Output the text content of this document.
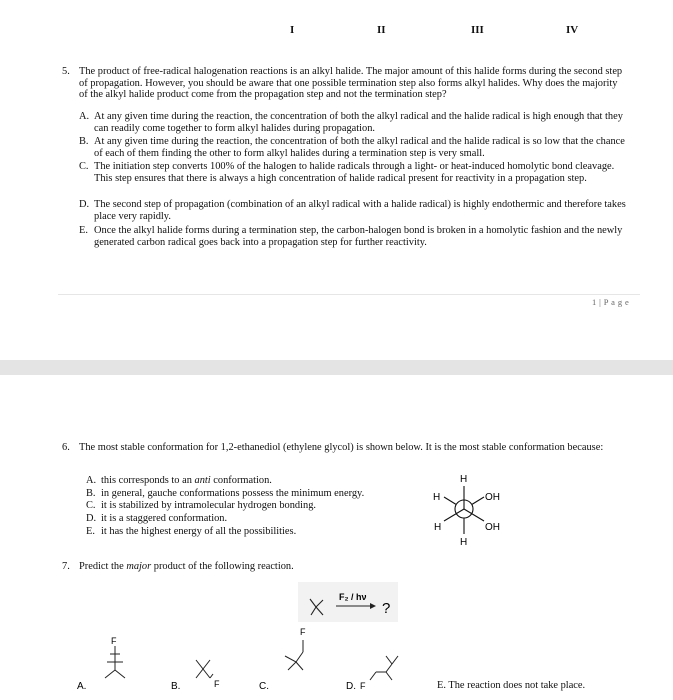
I	II	III	IV
5. The product of free-radical halogenation reactions is an alkyl halide. The major amount of this halide forms during the second step of propagation. However, you should be aware that one possible termination step also forms alkyl halides. Why does the majority of the alkyl halide product come from the propagation step and not the termination step?
A. At any given time during the reaction, the concentration of both the alkyl radical and the halide radical is high enough that they can readily come together to form alkyl halides during propagation.
B. At any given time during the reaction, the concentration of both the alkyl radical and the halide radical is so low that the chance of each of them finding the other to form alkyl halides during a termination step is very small.
C. The initiation step converts 100% of the halogen to halide radicals through a light- or heat-induced homolytic bond cleavage. This step ensures that there is always a high concentration of halide radical present for reactivity in a propagation step.
D. The second step of propagation (combination of an alkyl radical with a halide radical) is highly endothermic and therefore takes place very rapidly.
E. Once the alkyl halide forms during a termination step, the carbon-halogen bond is broken in a homolytic fashion and the newly generated carbon radical goes back into a propagation step for further reactivity.
1 | P a g e
6. The most stable conformation for 1,2-ethanediol (ethylene glycol) is shown below. It is the most stable conformation because:
A. this corresponds to an anti conformation.
B. in general, gauche conformations possess the minimum energy.
C. it is stabilized by intramolecular hydrogen bonding.
D. it is a staggered conformation.
E. it has the highest energy of all the possibilities.
H
H	OH
H	OH
H
7. Predict the major product of the following reaction.
F₂ / hν
?
A.
F
B.	F	C.
F
D. F	E. The reaction does not take place.
